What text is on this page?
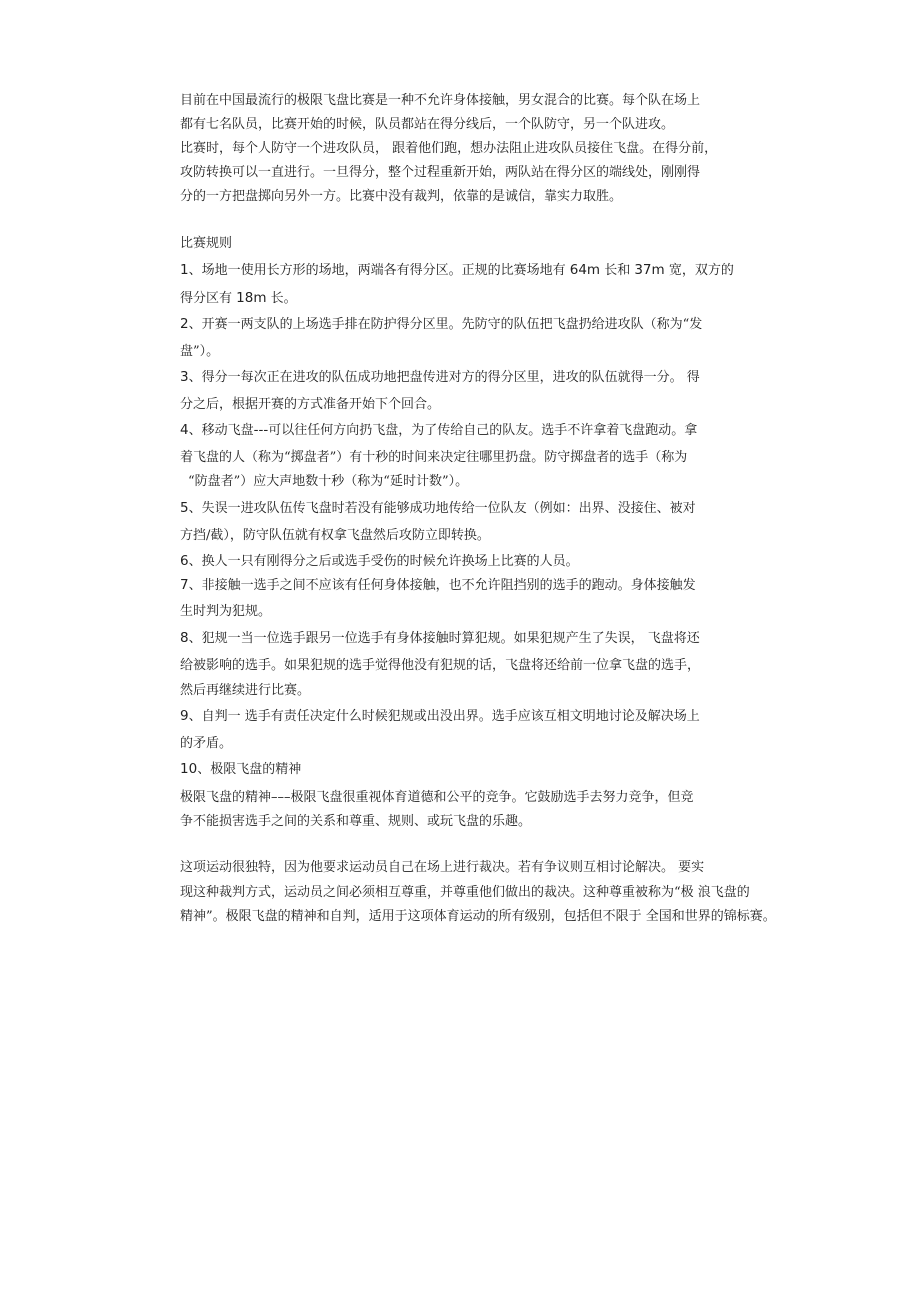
目前在中国最流行的极限飞盘比赛是一种不允许身体接触，男女混合的比赛。每个队在场上
都有七名队员，比赛开始的时候，队员都站在得分线后，一个队防守，另一个队进攻。
比赛时，每个人防守一个进攻队员， 跟着他们跑，想办法阻止进攻队员接住飞盘。在得分前，
攻防转换可以一直进行。一旦得分，整个过程重新开始，两队站在得分区的端线处，刚刚得
分的一方把盘掷向另外一方。比赛中没有裁判，依靠的是诚信，靠实力取胜。
比赛规则
1、场地一使用长方形的场地，两端各有得分区。正规的比赛场地有 64m 长和 37m 宽，双方的
得分区有 18m 长。
2、开赛一两支队的上场选手排在防护得分区里。先防守的队伍把飞盘扔给进攻队（称为“发
盘”）。
3、得分一每次正在进攻的队伍成功地把盘传进对方的得分区里，进攻的队伍就得一分。 得
分之后，根据开赛的方式准备开始下个回合。
4、移动飞盘---可以往任何方向扔飞盘，为了传给自己的队友。选手不许拿着飞盘跑动。拿
着飞盘的人（称为“掷盘者”）有十秒的时间来决定往哪里扔盘。防守掷盘者的选手（称为
“防盘者”）应大声地数十秒（称为“延时计数”）。
5、失误一进攻队伍传飞盘时若没有能够成功地传给一位队友（例如：出界、没接住、被对
方挡/截），防守队伍就有权拿飞盘然后攻防立即转换。
6、换人一只有刚得分之后或选手受伤的时候允许换场上比赛的人员。
7、非接触一选手之间不应该有任何身体接触，也不允许阻挡别的选手的跑动。身体接触发
生时判为犯规。
8、犯规一当一位选手跟另一位选手有身体接触时算犯规。如果犯规产生了失误， 飞盘将还
给被影响的选手。如果犯规的选手觉得他没有犯规的话，飞盘将还给前一位拿飞盘的选手，
然后再继续进行比赛。
9、自判一 选手有责任决定什么时候犯规或出没出界。选手应该互相文明地讨论及解决场上
的矛盾。
10、极限飞盘的精神
极限飞盘的精神–––极限飞盘很重视体育道德和公平的竞争。它鼓励选手去努力竞争，但竞
争不能损害选手之间的关系和尊重、规则、或玩飞盘的乐趣。
这项运动很独特，因为他要求运动员自己在场上进行裁决。若有争议则互相讨论解决。 要实
现这种裁判方式，运动员之间必须相互尊重，并尊重他们做出的裁决。这种尊重被称为“极 浪飞盘的
精神”。极限飞盘的精神和自判，适用于这项体育运动的所有级别，包括但不限于 全国和世界的锦标赛。
